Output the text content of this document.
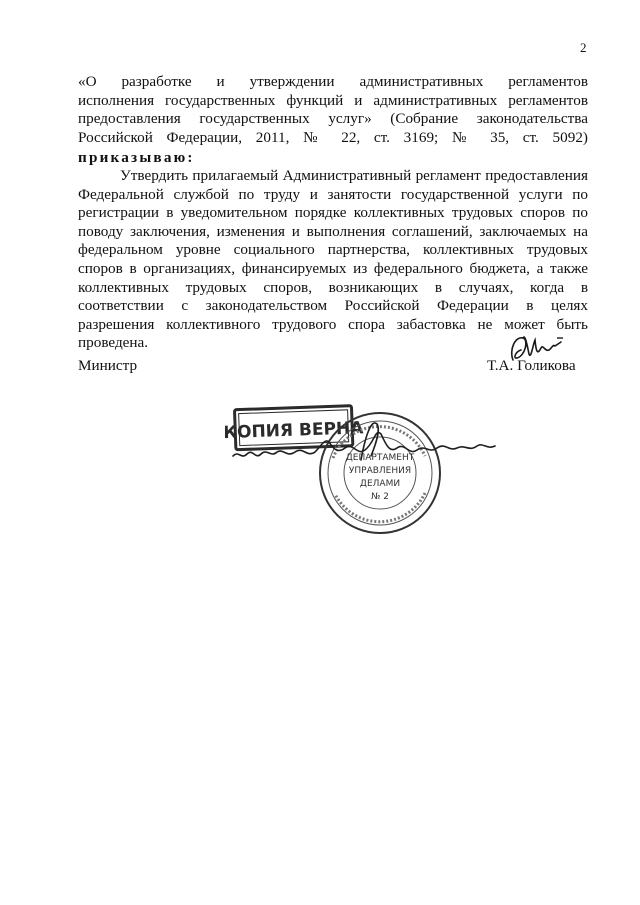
2
«О разработке и утверждении административных регламентов
исполнения государственных функций и административных регламентов
предоставления государственных услуг» (Собрание законодательства
Российской Федерации, 2011, № 22, ст. 3169; № 35, ст. 5092)
приказываю:
Утвердить прилагаемый Административный регламент предоставления
Федеральной службой по труду и занятости государственной услуги по
регистрации в уведомительном порядке коллективных трудовых споров по
поводу заключения, изменения и выполнения соглашений, заключаемых на
федеральном уровне социального партнерства, коллективных трудовых
споров в организациях, финансируемых из федерального бюджета, а также
коллективных трудовых споров, возникающих в случаях, когда в
соответствии с законодательством Российской Федерации в целях
разрешения коллективного трудового спора забастовка не может быть
проведена.
Министр	Т.А. Голикова
КОПИЯ ВЕРНА
ДЕПАРТАМЕНТ
УПРАВЛЕНИЯ
ДЕЛАМИ
№ 2
